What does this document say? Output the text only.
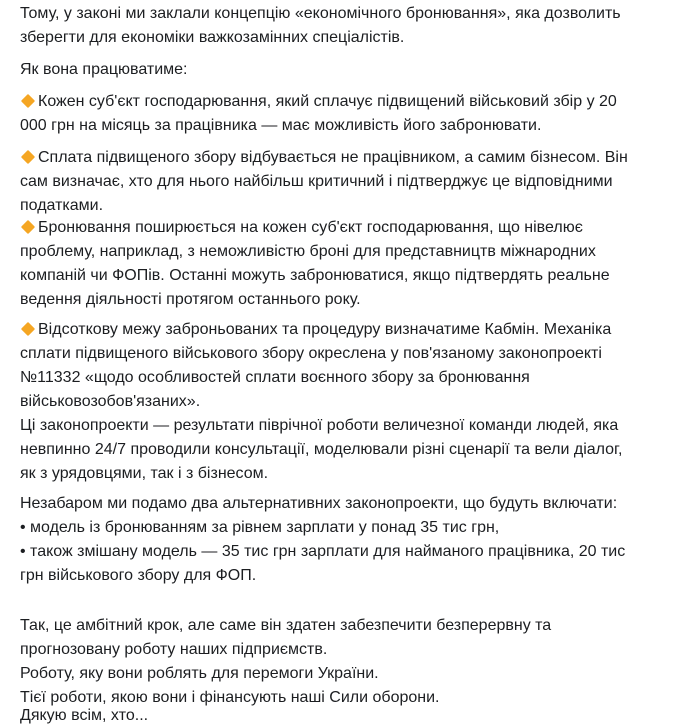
Тому, у законі ми заклали концепцію «економічного бронювання», яка дозволить зберегти для економіки важкозамінних спеціалістів.

Як вона працюватиме:

Кожен суб'єкт господарювання, який сплачує підвищений військовий збір у 20 000 грн на місяць за працівника — має можливість його забронювати.

Сплата підвищеного збору відбувається не працівником, а самим бізнесом. Він сам визначає, хто для нього найбільш критичний і підтверджує це відповідними податками.

Бронювання поширюється на кожен суб'єкт господарювання, що нівелює проблему, наприклад, з неможливістю броні для представництв міжнародних компаній чи ФОПів. Останні можуть забронюватися, якщо підтвердять реальне ведення діяльності протягом останнього року.

Відсоткову межу заброньованих та процедуру визначатиме Кабмін. Механіка сплати підвищеного військового збору окреслена у пов'язаному законопроекті №11332 «щодо особливостей сплати воєнного збору за бронювання військовозобов'язаних».

Ці законопроекти — результати піврічної роботи величезної команди людей, яка невпинно 24/7 проводили консультації, моделювали різні сценарії та вели діалог, як з урядовцями, так і з бізнесом.

Незабаром ми подамо два альтернативних законопроекти, що будуть включати:
• модель із бронюванням за рівнем зарплати у понад 35 тис грн,
• також змішану модель — 35 тис грн зарплати для найманого працівника, 20 тис грн військового збору для ФОП.
Так, це амбітний крок, але саме він здатен забезпечити безперервну та прогнозовану роботу наших підприємств.
Роботу, яку вони роблять для перемоги України.
Тієї роботи, якою вони і фінансують наші Сили оборони.

Дякую всім, хто...
